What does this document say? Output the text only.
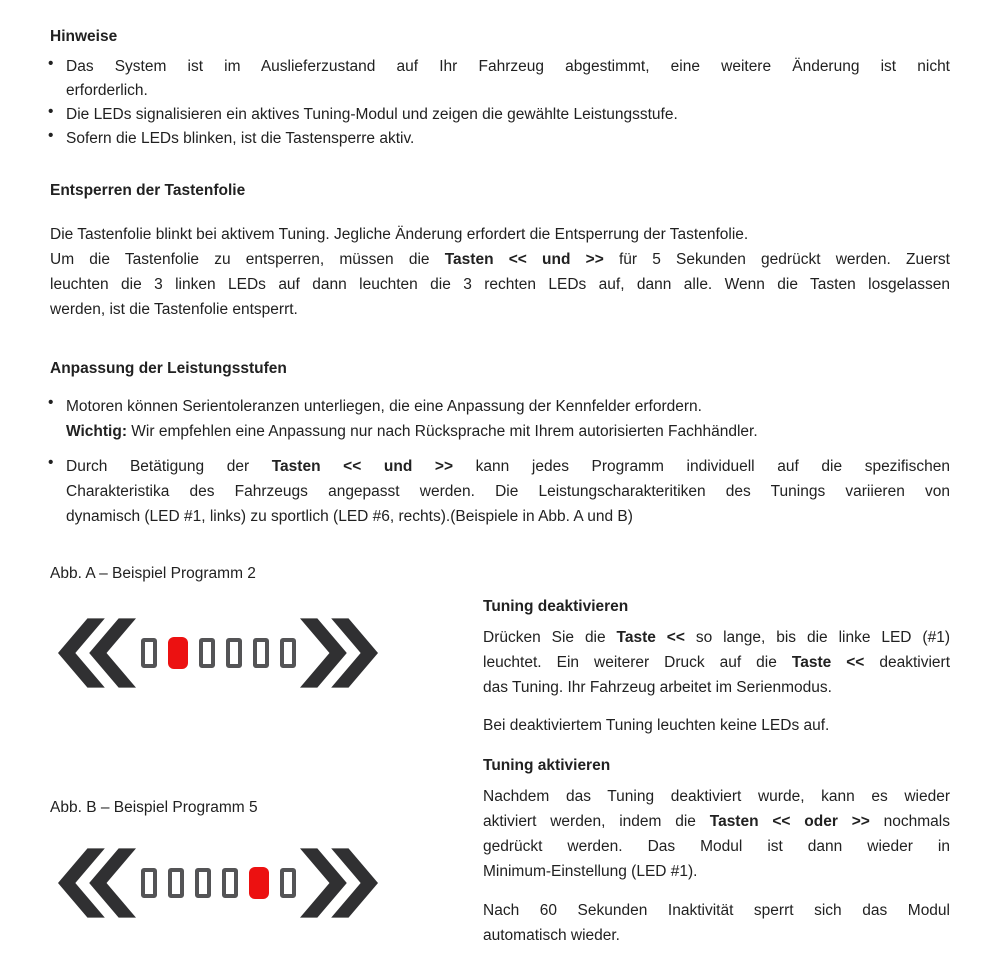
Hinweise
• Das System ist im Auslieferzustand auf Ihr Fahrzeug abgestimmt, eine weitere Änderung ist nicht
erforderlich.
• Die LEDs signalisieren ein aktives Tuning-Modul und zeigen die gewählte Leistungsstufe.
• Sofern die LEDs blinken, ist die Tastensperre aktiv.
Entsperren der Tastenfolie
Die Tastenfolie blinkt bei aktivem Tuning. Jegliche Änderung erfordert die Entsperrung der Tastenfolie.
Um die Tastenfolie zu entsperren, müssen die Tasten << und >> für 5 Sekunden gedrückt werden. Zuerst
leuchten die 3 linken LEDs auf dann leuchten die 3 rechten LEDs auf, dann alle. Wenn die Tasten losgelassen
werden, ist die Tastenfolie entsperrt.
Anpassung der Leistungsstufen
• Motoren können Serientoleranzen unterliegen, die eine Anpassung der Kennfelder erfordern.
Wichtig: Wir empfehlen eine Anpassung nur nach Rücksprache mit Ihrem autorisierten Fachhändler.
• Durch Betätigung der Tasten << und >> kann jedes Programm individuell auf die spezifischen
Charakteristika des Fahrzeugs angepasst werden. Die Leistungscharakteritiken des Tunings variieren von
dynamisch (LED #1, links) zu sportlich (LED #6, rechts).(Beispiele in Abb. A und B)
Abb. A – Beispiel Programm 2
Abb. B – Beispiel Programm 5
Tuning deaktivieren
Drücken Sie die Taste << so lange, bis die linke LED (#1)
leuchtet. Ein weiterer Druck auf die Taste << deaktiviert
das Tuning. Ihr Fahrzeug arbeitet im Serienmodus.
Bei deaktiviertem Tuning leuchten keine LEDs auf.
Tuning aktivieren
Nachdem das Tuning deaktiviert wurde, kann es wieder
aktiviert werden, indem die Tasten << oder >> nochmals
gedrückt werden. Das Modul ist dann wieder in
Minimum-Einstellung (LED #1).
Nach 60 Sekunden Inaktivität sperrt sich das Modul
automatisch wieder.
